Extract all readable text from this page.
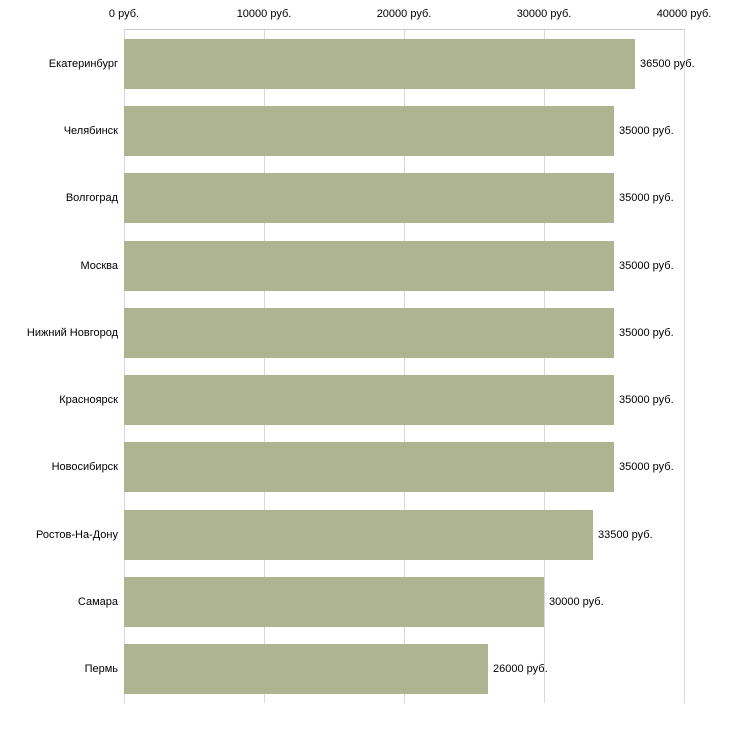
0 руб.	10000 руб.	20000 руб.	30000 руб.	40000 руб.
Екатеринбург	36500 руб.
Челябинск	35000 руб.
Волгоград	35000 руб.
Москва	35000 руб.
Нижний Новгород	35000 руб.
Красноярск	35000 руб.
Новосибирск	35000 руб.
Ростов-На-Дону	33500 руб.
Самара	30000 руб.
Пермь	26000 руб.
